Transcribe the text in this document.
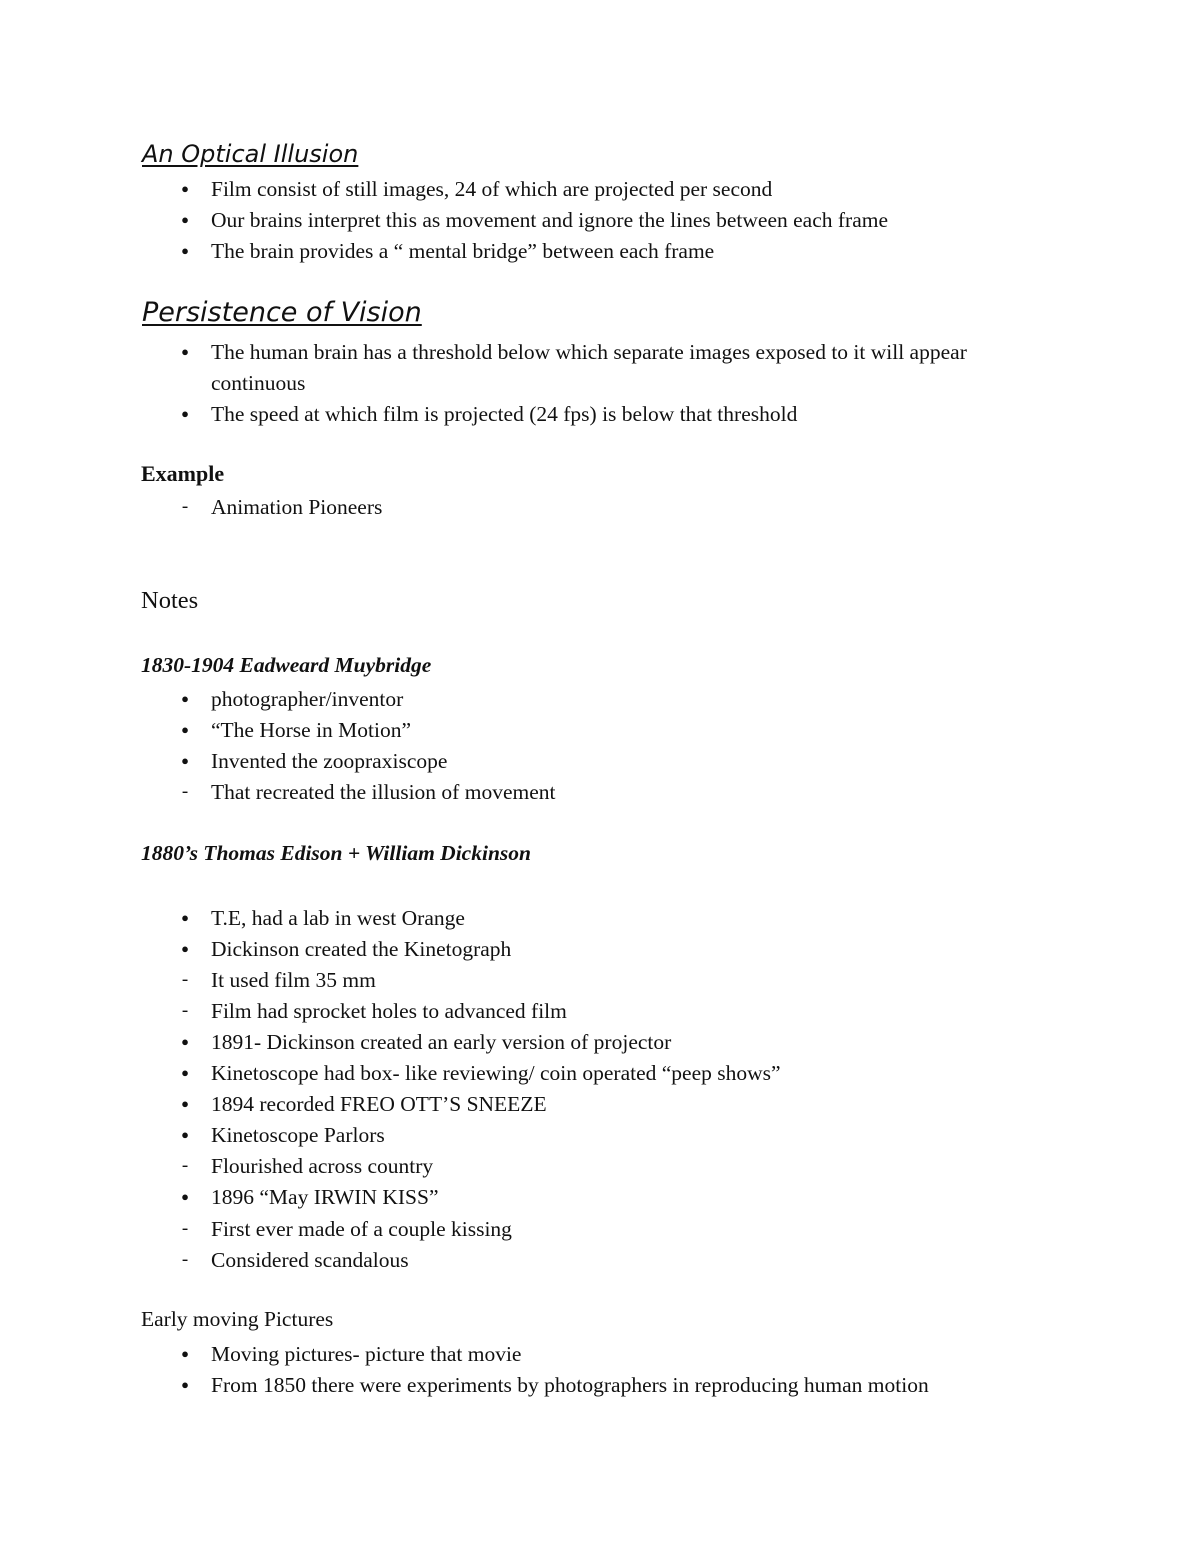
An Optical Illusion
● Film consist of still images, 24 of which are projected per second
● Our brains interpret this as movement and ignore the lines between each frame
● The brain provides a “ mental bridge” between each frame
Persistence of Vision
● The human brain has a threshold below which separate images exposed to it will appear
continuous
● The speed at which film is projected (24 fps) is below that threshold
Example
- Animation Pioneers
Notes
1830-1904 Eadweard Muybridge
● photographer/inventor
● “The Horse in Motion”
● Invented the zoopraxiscope
- That recreated the illusion of movement
1880’s Thomas Edison + William Dickinson
● T.E, had a lab in west Orange
● Dickinson created the Kinetograph
- It used film 35 mm
- Film had sprocket holes to advanced film
● 1891- Dickinson created an early version of projector
● Kinetoscope had box- like reviewing/ coin operated “peep shows”
● 1894 recorded FREO OTT’S SNEEZE
● Kinetoscope Parlors
- Flourished across country
● 1896 “May IRWIN KISS”
- First ever made of a couple kissing
- Considered scandalous
Early moving Pictures
● Moving pictures- picture that movie
● From 1850 there were experiments by photographers in reproducing human motion
